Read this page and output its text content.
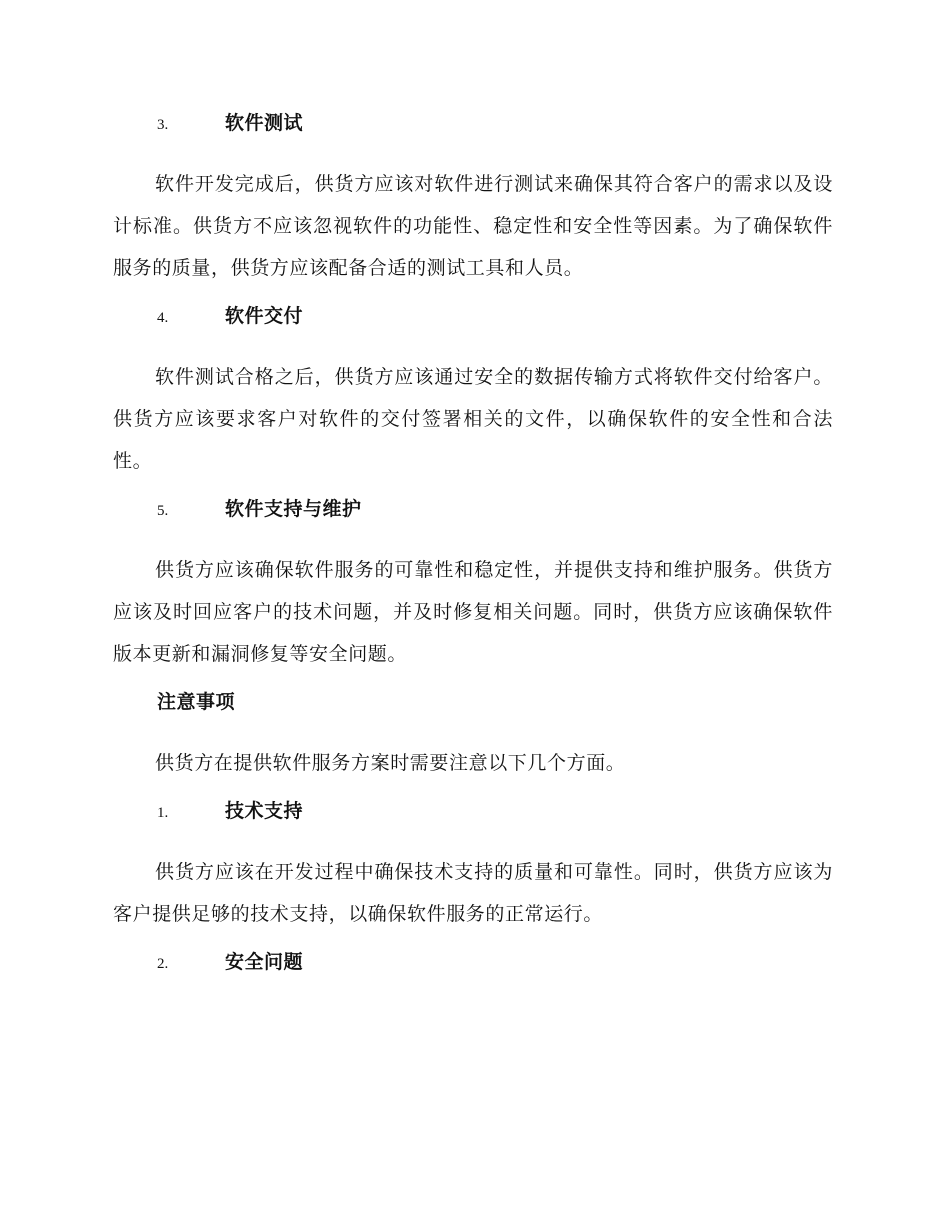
3.	软件测试

软件开发完成后，供货方应该对软件进行测试来确保其符合客户的需求以及设计标准。供货方不应该忽视软件的功能性、稳定性和安全性等因素。为了确保软件服务的质量，供货方应该配备合适的测试工具和人员。

4.	软件交付

软件测试合格之后，供货方应该通过安全的数据传输方式将软件交付给客户。供货方应该要求客户对软件的交付签署相关的文件，以确保软件的安全性和合法性。

5.	软件支持与维护

供货方应该确保软件服务的可靠性和稳定性，并提供支持和维护服务。供货方应该及时回应客户的技术问题，并及时修复相关问题。同时，供货方应该确保软件版本更新和漏洞修复等安全问题。

注意事项

供货方在提供软件服务方案时需要注意以下几个方面。

1.	技术支持

供货方应该在开发过程中确保技术支持的质量和可靠性。同时，供货方应该为客户提供足够的技术支持，以确保软件服务的正常运行。

2.	安全问题
